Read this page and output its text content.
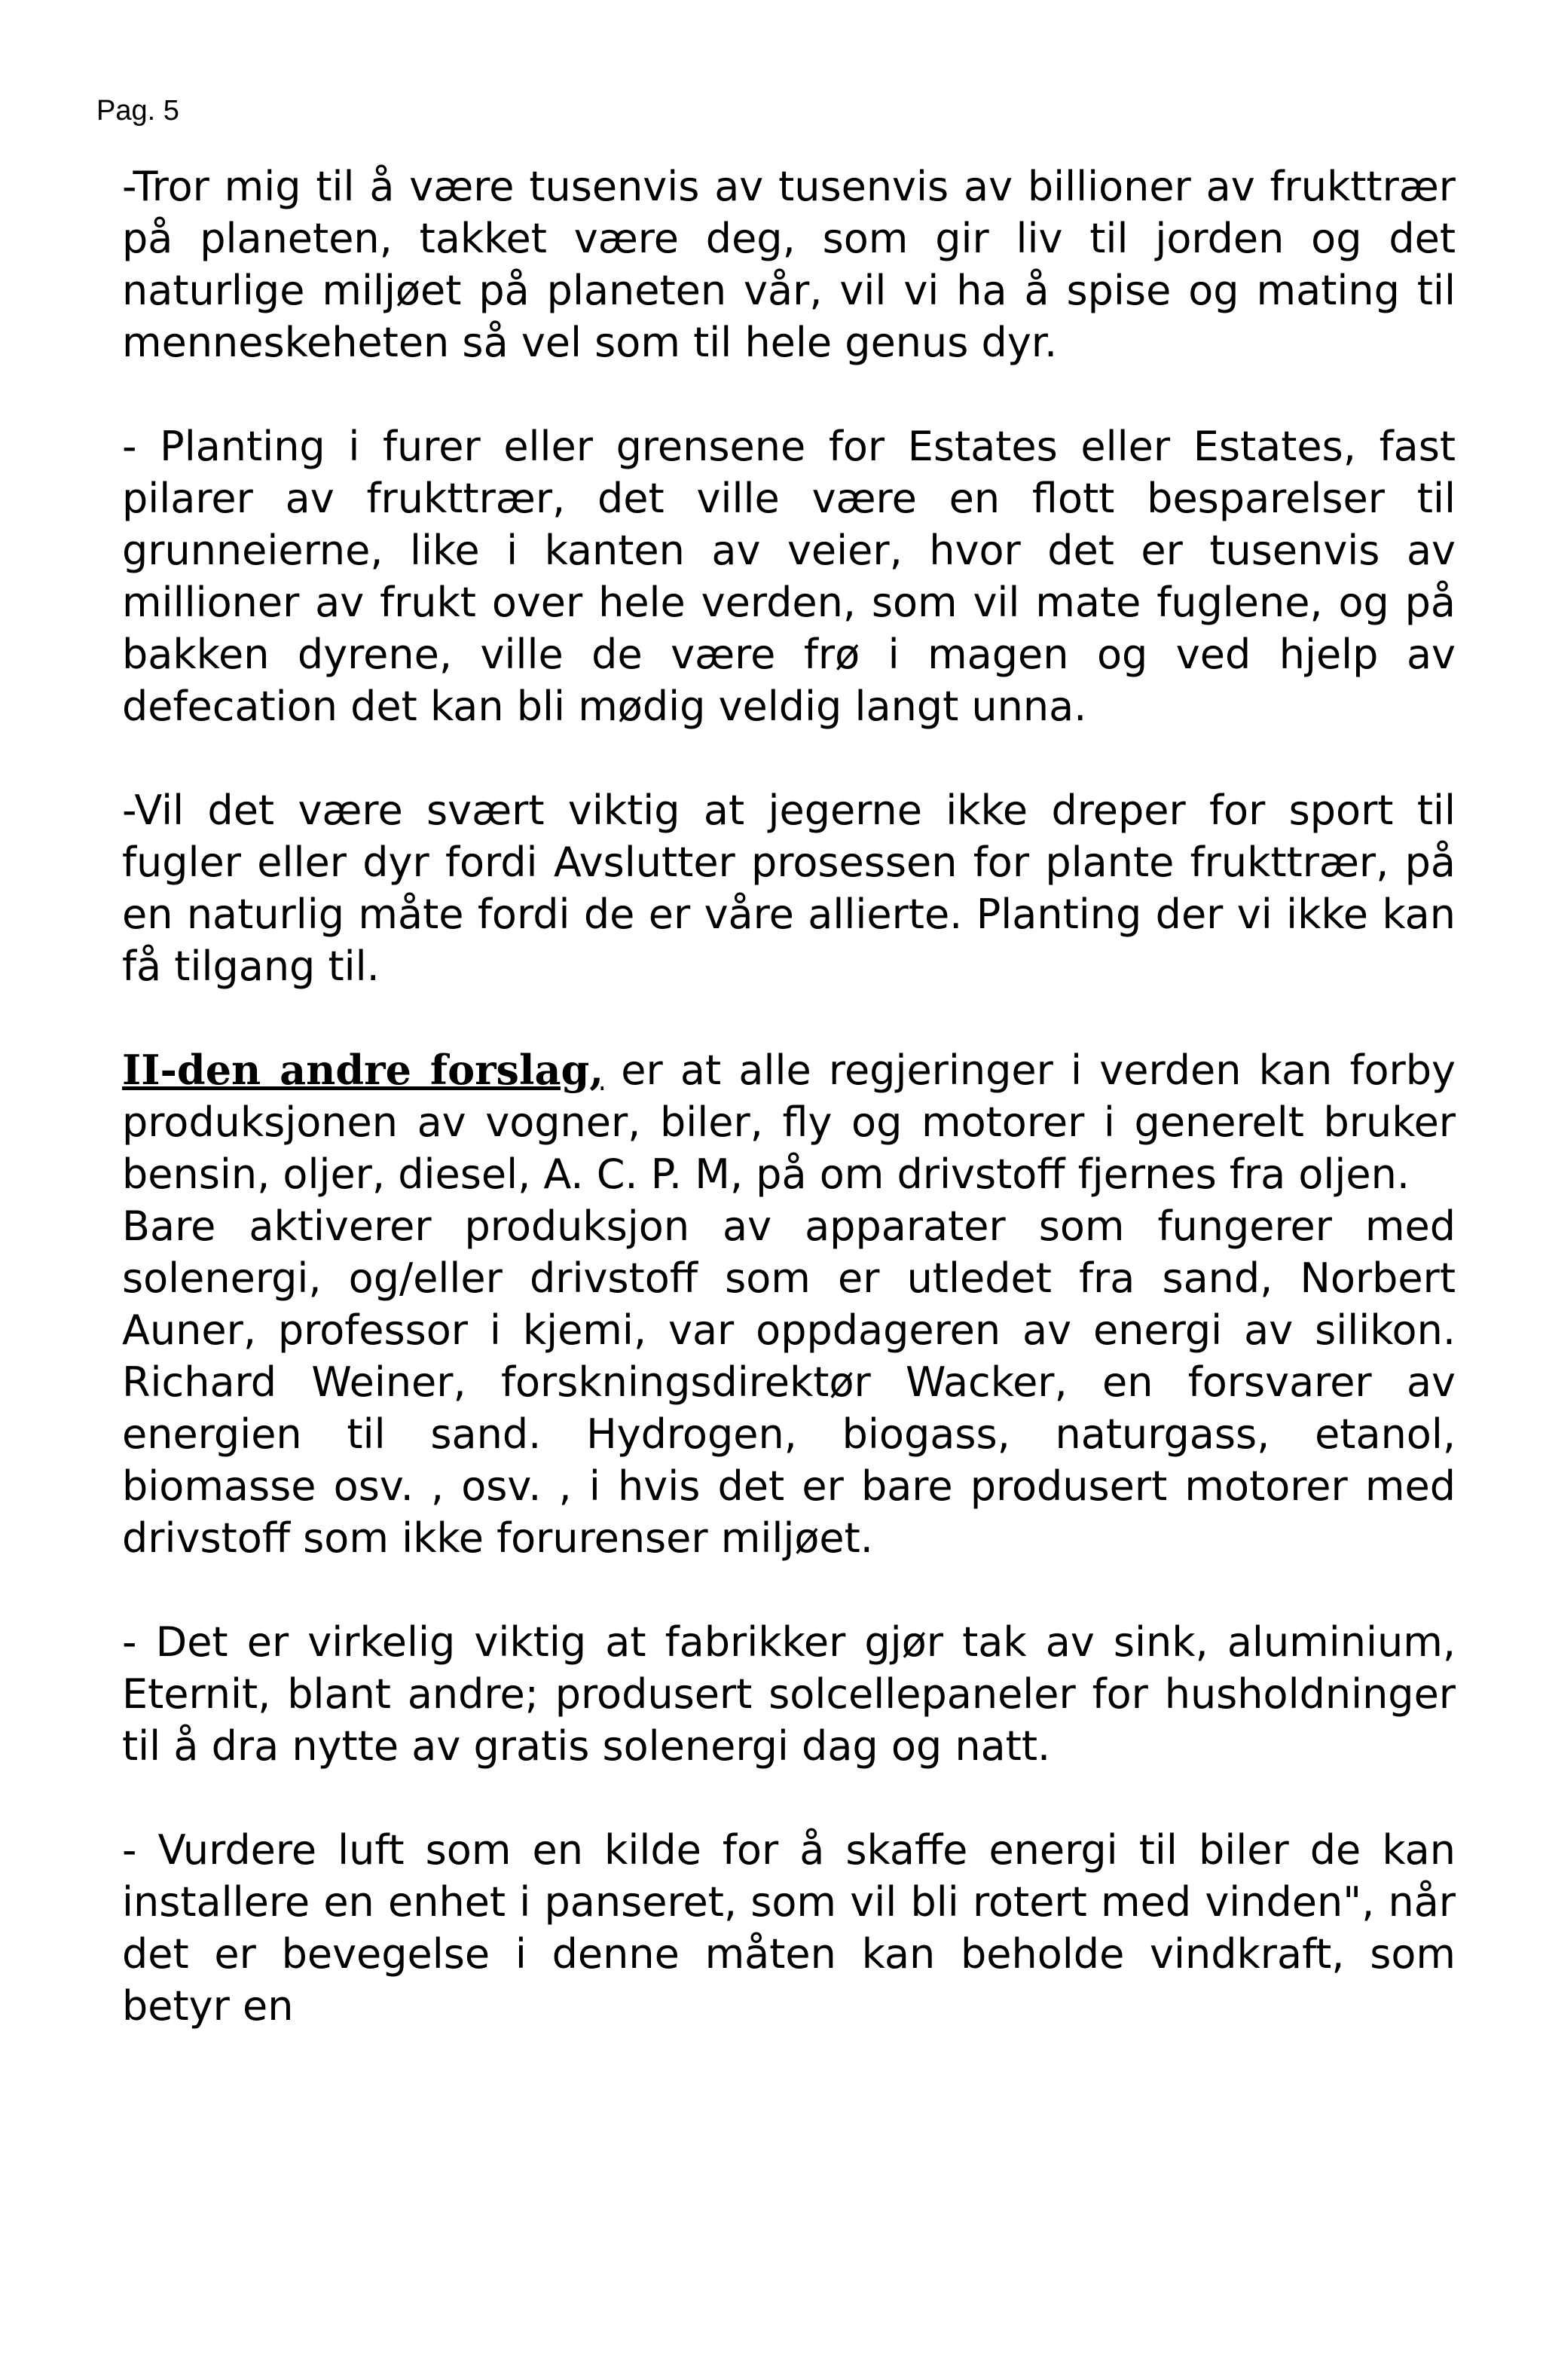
Pag. 5

-Tror mig til å være tusenvis av tusenvis av billioner av frukttrær på planeten, takket være deg, som gir liv til jorden og det naturlige miljøet på planeten vår, vil vi ha å spise og mating til menneskeheten så vel som til hele genus dyr.

- Planting i furer eller grensene for Estates eller Estates, fast pilarer av frukttrær, det ville være en flott besparelser til grunneierne, like i kanten av veier, hvor det er tusenvis av millioner av frukt over hele verden, som vil mate fuglene, og på bakken dyrene, ville de være frø i magen og ved hjelp av defecation det kan bli mødig veldig langt unna.

-Vil det være svært viktig at jegerne ikke dreper for sport til fugler eller dyr fordi Avslutter prosessen for plante frukttrær, på en naturlig måte fordi de er våre allierte. Planting der vi ikke kan få tilgang til.

II-den andre forslag, er at alle regjeringer i verden kan forby produksjonen av vogner, biler, fly og motorer i generelt bruker bensin, oljer, diesel, A. C. P. M, på om drivstoff fjernes fra oljen.

Bare aktiverer produksjon av apparater som fungerer med solenergi, og/eller drivstoff som er utledet fra sand, Norbert Auner, professor i kjemi, var oppdageren av energi av silikon. Richard Weiner, forskningsdirektør Wacker, en forsvarer av energien til sand. Hydrogen, biogass, naturgass, etanol, biomasse osv. , osv. , i hvis det er bare produsert motorer med drivstoff som ikke forurenser miljøet.

- Det er virkelig viktig at fabrikker gjør tak av sink, aluminium, Eternit, blant andre; produsert solcellepaneler for husholdninger til å dra nytte av gratis solenergi dag og natt.

- Vurdere luft som en kilde for å skaffe energi til biler de kan installere en enhet i panseret, som vil bli rotert med vinden", når det er bevegelse i denne måten kan beholde vindkraft, som betyr en
